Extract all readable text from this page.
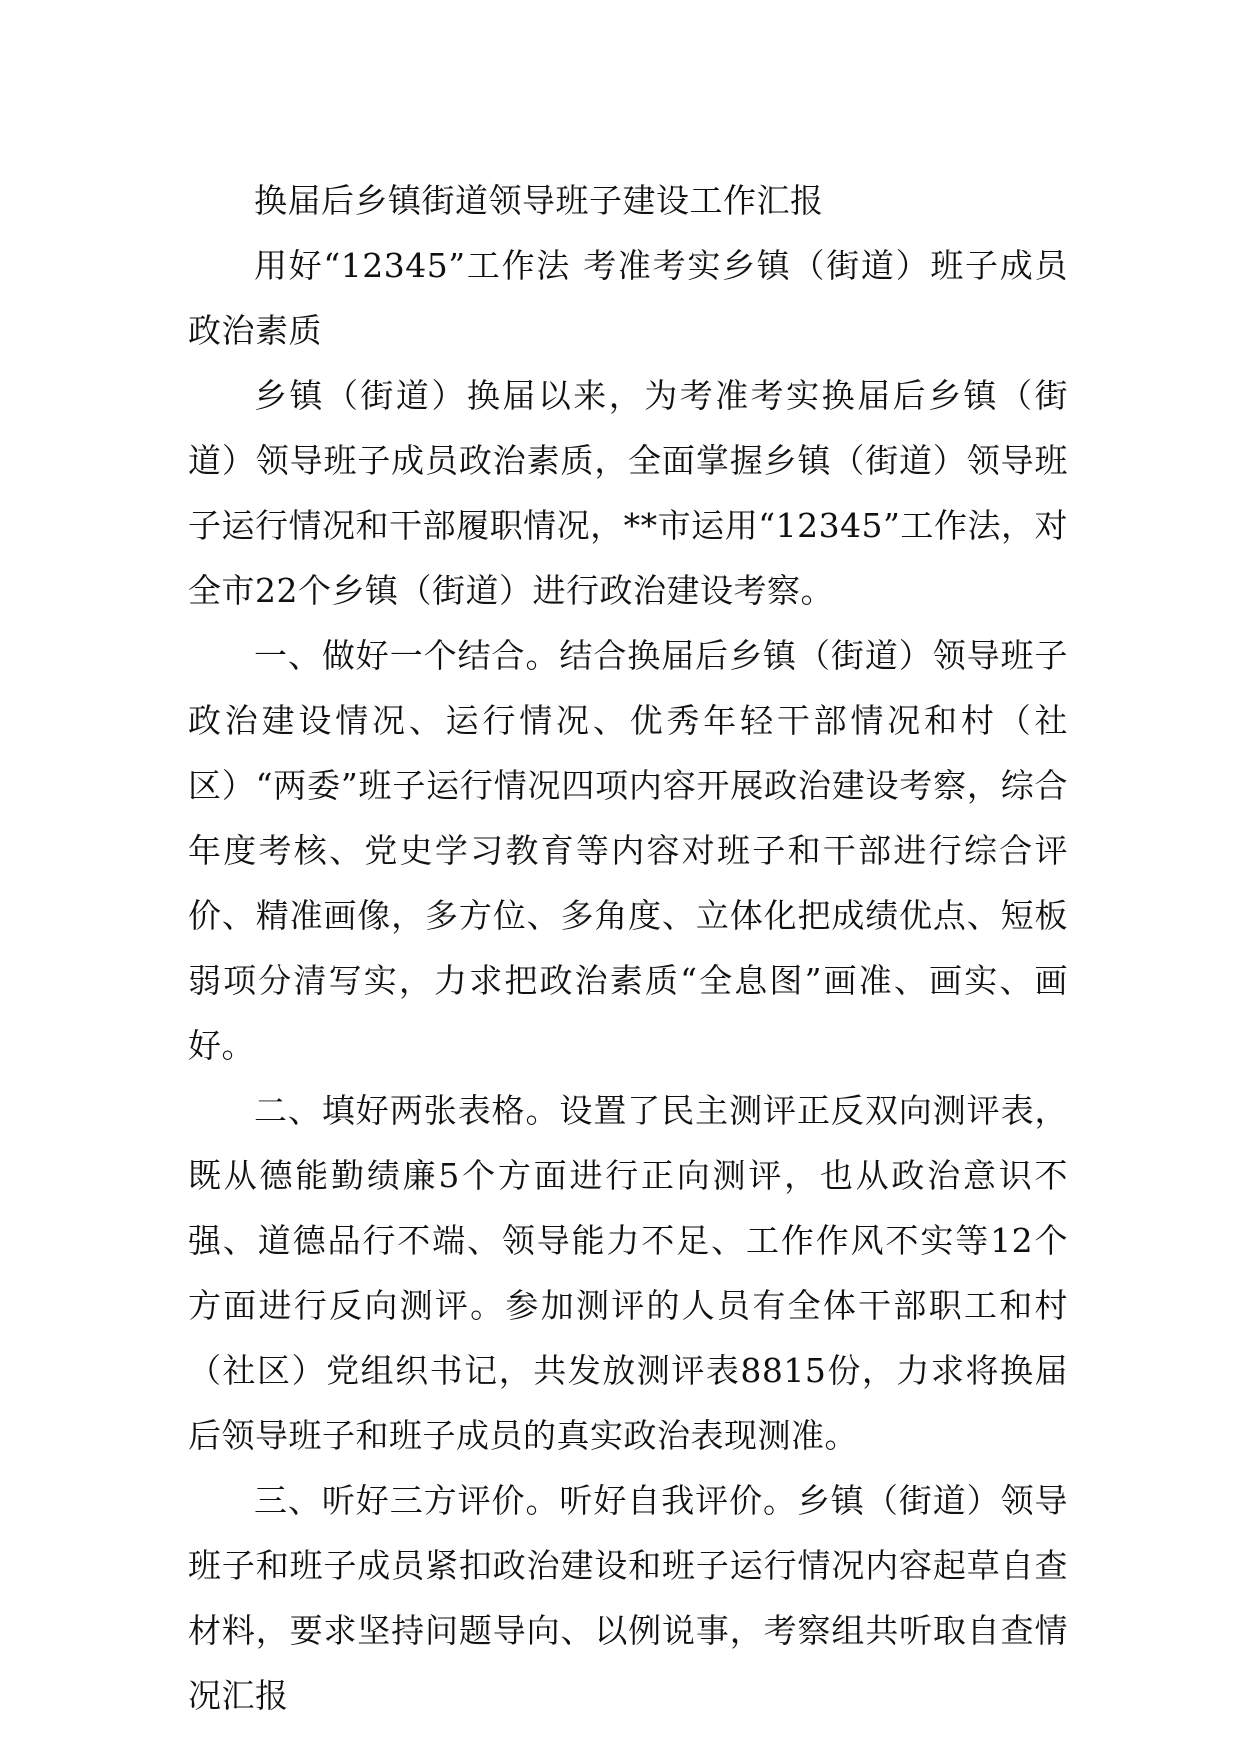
换届后乡镇街道领导班子建设工作汇报

用好“12345”工作法 考准考实乡镇（街道）班子成员政治素质

乡镇（街道）换届以来，为考准考实换届后乡镇（街道）领导班子成员政治素质，全面掌握乡镇（街道）领导班子运行情况和干部履职情况，**市运用“12345”工作法，对全市22个乡镇（街道）进行政治建设考察。

一、做好一个结合。结合换届后乡镇（街道）领导班子政治建设情况、运行情况、优秀年轻干部情况和村（社区）“两委”班子运行情况四项内容开展政治建设考察，综合年度考核、党史学习教育等内容对班子和干部进行综合评价、精准画像，多方位、多角度、立体化把成绩优点、短板弱项分清写实，力求把政治素质“全息图”画准、画实、画好。

二、填好两张表格。设置了民主测评正反双向测评表，既从德能勤绩廉5个方面进行正向测评，也从政治意识不强、道德品行不端、领导能力不足、工作作风不实等12个方面进行反向测评。参加测评的人员有全体干部职工和村（社区）党组织书记，共发放测评表8815份，力求将换届后领导班子和班子成员的真实政治表现测准。

三、听好三方评价。听好自我评价。乡镇（街道）领导班子和班子成员紧扣政治建设和班子运行情况内容起草自查材料，要求坚持问题导向、以例说事，考察组共听取自查情况汇报
